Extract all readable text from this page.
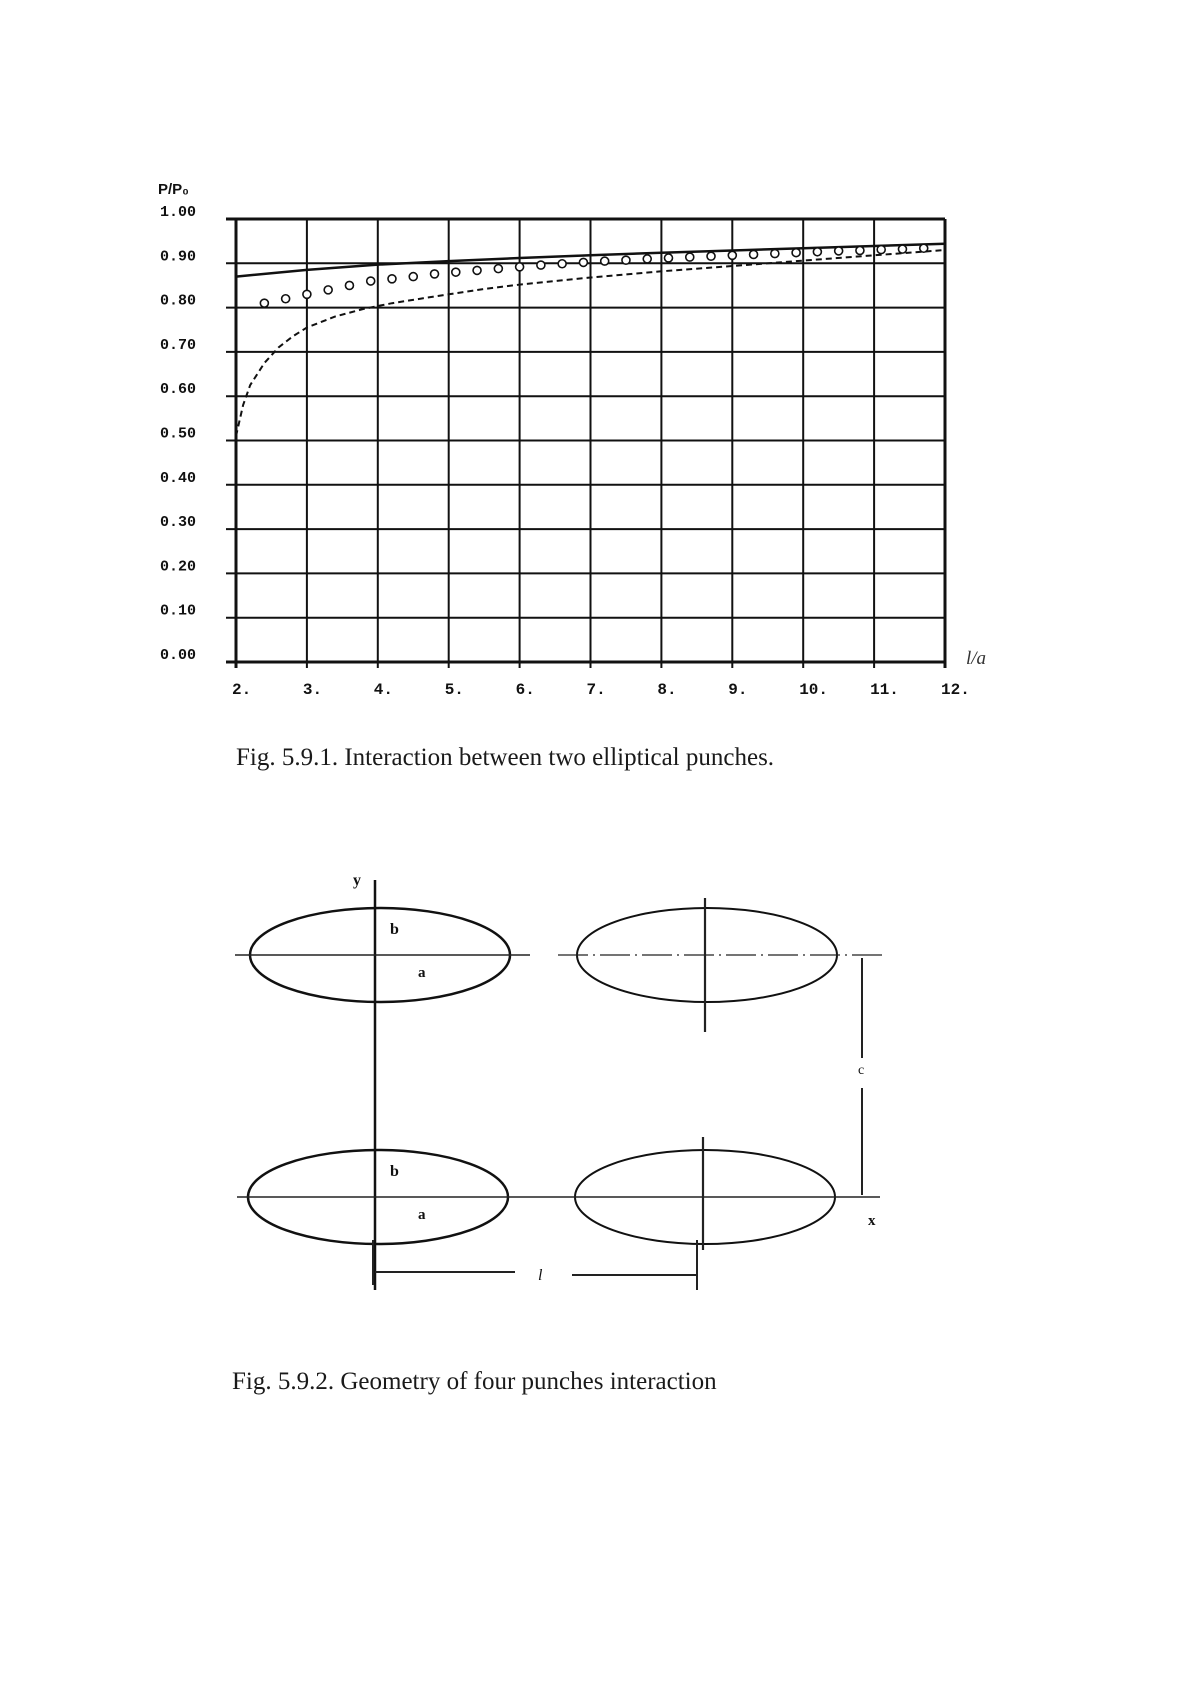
P/P₀
l/a
0.00
0.10
0.20
0.30
0.40
0.50
0.60
0.70
0.80
0.90
1.00
2.	3.	4.	5.	6.	7.	8.	9.	10.	11.	12.
Fig. 5.9.1. Interaction between two elliptical punches.
y
c
l
b
a
b
a	x
Fig. 5.9.2. Geometry of four punches interaction
